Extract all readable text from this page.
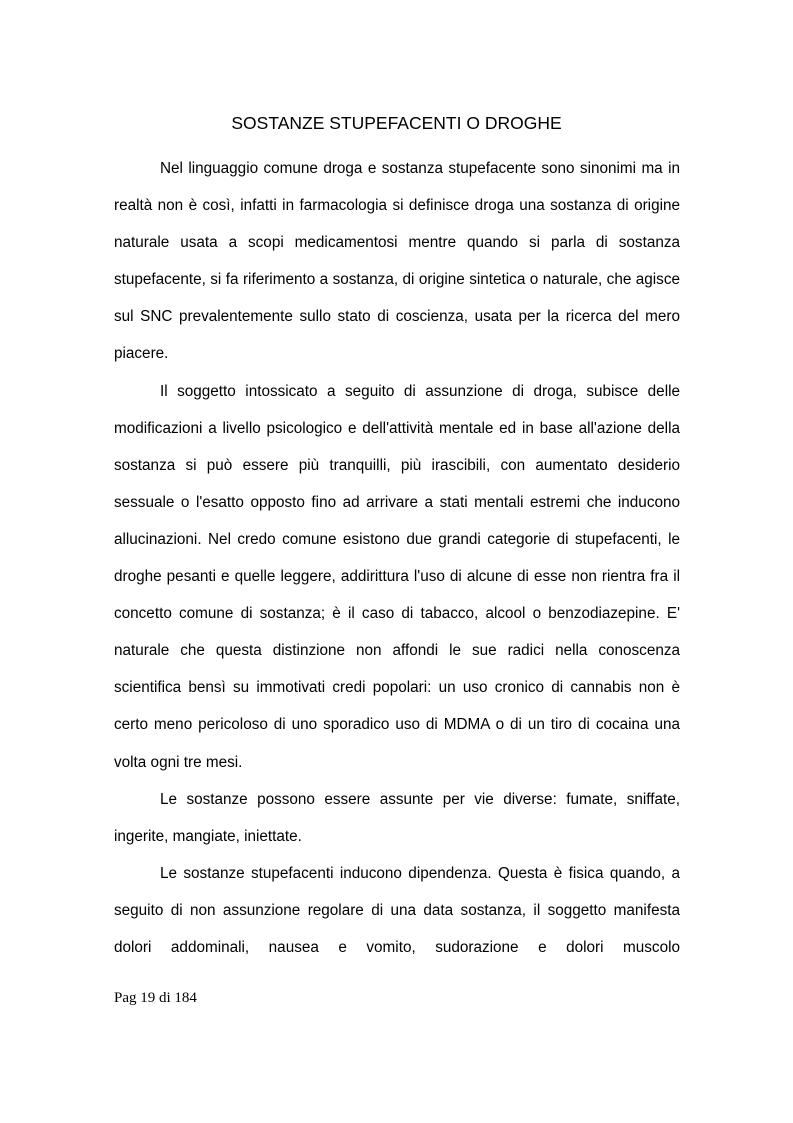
SOSTANZE STUPEFACENTI O DROGHE

Nel linguaggio comune droga e sostanza stupefacente sono sinonimi ma in realtà non è così, infatti in farmacologia si definisce droga una sostanza di origine naturale usata a scopi medicamentosi mentre quando si parla di sostanza stupefacente, si fa riferimento a sostanza, di origine sintetica o naturale, che agisce sul SNC prevalentemente sullo stato di coscienza, usata per la ricerca del mero piacere.

Il soggetto intossicato a seguito di assunzione di droga, subisce delle modificazioni a livello psicologico e dell'attività mentale ed in base all'azione della sostanza si può essere più tranquilli, più irascibili, con aumentato desiderio sessuale o l'esatto opposto fino ad arrivare a stati mentali estremi che inducono allucinazioni. Nel credo comune esistono due grandi categorie di stupefacenti, le droghe pesanti e quelle leggere, addirittura l'uso di alcune di esse non rientra fra il concetto comune di sostanza; è il caso di tabacco, alcool o benzodiazepine. E' naturale che questa distinzione non affondi le sue radici nella conoscenza scientifica bensì su immotivati credi popolari: un uso cronico di cannabis non è certo meno pericoloso di uno sporadico uso di MDMA o di un tiro di cocaina una volta ogni tre mesi.

Le sostanze possono essere assunte per vie diverse: fumate, sniffate, ingerite, mangiate, iniettate.

Le sostanze stupefacenti inducono dipendenza. Questa è fisica quando, a seguito di non assunzione regolare di una data sostanza, il soggetto manifesta dolori addominali, nausea e vomito, sudorazione e dolori muscolo

Pag 19 di 184
